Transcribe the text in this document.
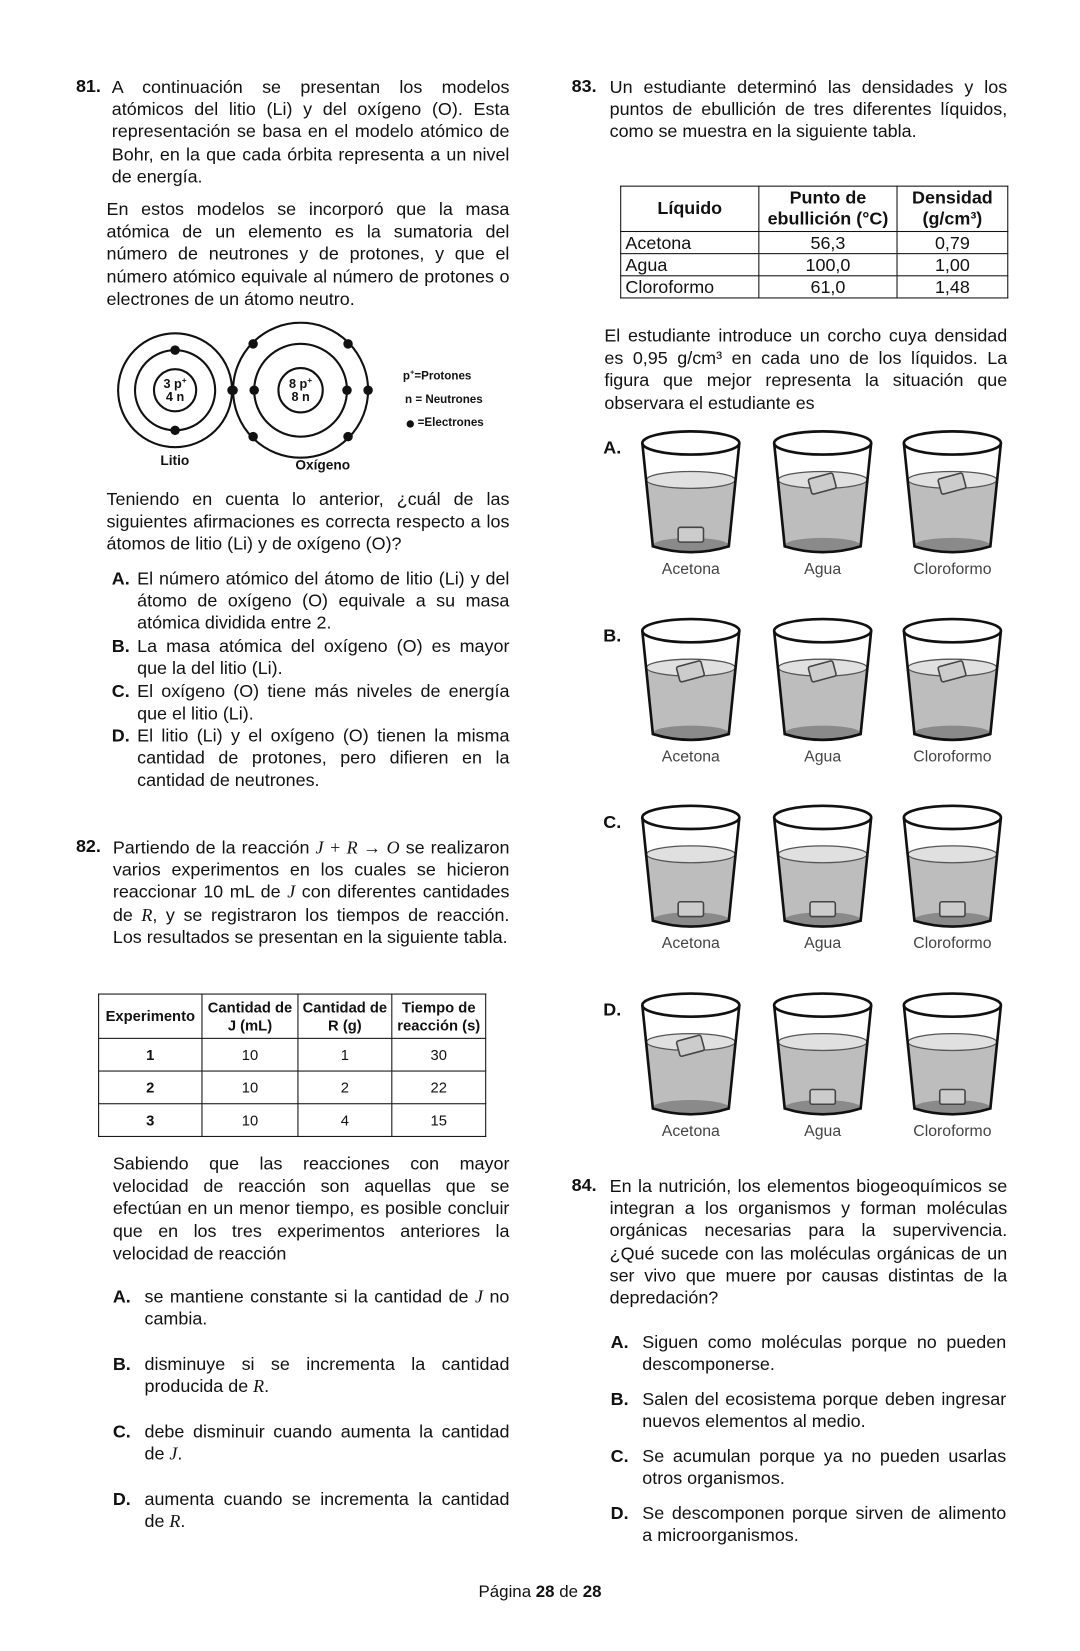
81. A continuación se presentan los modelos atómicos del litio (Li) y del oxígeno (O). Esta representación se basa en el modelo atómico de Bohr, en la que cada órbita representa a un nivel de energía.
En estos modelos se incorporó que la masa atómica de un elemento es la sumatoria del número de neutrones y de protones, y que el número atómico equivale al número de protones o electrones de un átomo neutro.
3 p+
4 n
8 p+
8 n
Litio	Oxígeno
p+=Protones
n = Neutrones
=Electrones
Teniendo en cuenta lo anterior, ¿cuál de las siguientes afirmaciones es correcta respecto a los átomos de litio (Li) y de oxígeno (O)?
A. El número atómico del átomo de litio (Li) y del átomo de oxígeno (O) equivale a su masa atómica dividida entre 2.
B. La masa atómica del oxígeno (O) es mayor que la del litio (Li).
C. El oxígeno (O) tiene más niveles de energía que el litio (Li).
D. El litio (Li) y el oxígeno (O) tienen la misma cantidad de protones, pero difieren en la cantidad de neutrones.
82. Partiendo de la reacción J + R → O se realizaron varios experimentos en los cuales se hicieron reaccionar 10 mL de J con diferentes cantidades de R, y se registraron los tiempos de reacción. Los resultados se presentan en la siguiente tabla.
Experimento	Cantidad de J (mL)	Cantidad de R (g)	Tiempo de reacción (s)
1	10	1	30
2	10	2	22
3	10	4	15
Sabiendo que las reacciones con mayor velocidad de reacción son aquellas que se efectúan en un menor tiempo, es posible concluir que en los tres experimentos anteriores la velocidad de reacción
A. se mantiene constante si la cantidad de J no cambia.
B. disminuye si se incrementa la cantidad producida de R.
C. debe disminuir cuando aumenta la cantidad de J.
D. aumenta cuando se incrementa la cantidad de R.
83. Un estudiante determinó las densidades y los puntos de ebullición de tres diferentes líquidos, como se muestra en la siguiente tabla.
Líquido	Punto de ebullición (°C)	Densidad (g/cm³)
Acetona	56,3	0,79
Agua	100,0	1,00
Cloroformo	61,0	1,48
El estudiante introduce un corcho cuya densidad es 0,95 g/cm³ en cada uno de los líquidos. La figura que mejor representa la situación que observara el estudiante es
A.
Acetona	Agua	Cloroformo
B.
Acetona	Agua	Cloroformo
C.
Acetona	Agua	Cloroformo
D.
Acetona	Agua	Cloroformo
84. En la nutrición, los elementos biogeoquímicos se integran a los organismos y forman moléculas orgánicas necesarias para la supervivencia. ¿Qué sucede con las moléculas orgánicas de un ser vivo que muere por causas distintas de la depredación?
A. Siguen como moléculas porque no pueden descomponerse.
B. Salen del ecosistema porque deben ingresar nuevos elementos al medio.
C. Se acumulan porque ya no pueden usarlas otros organismos.
D. Se descomponen porque sirven de alimento a microorganismos.
Página 28 de 28
